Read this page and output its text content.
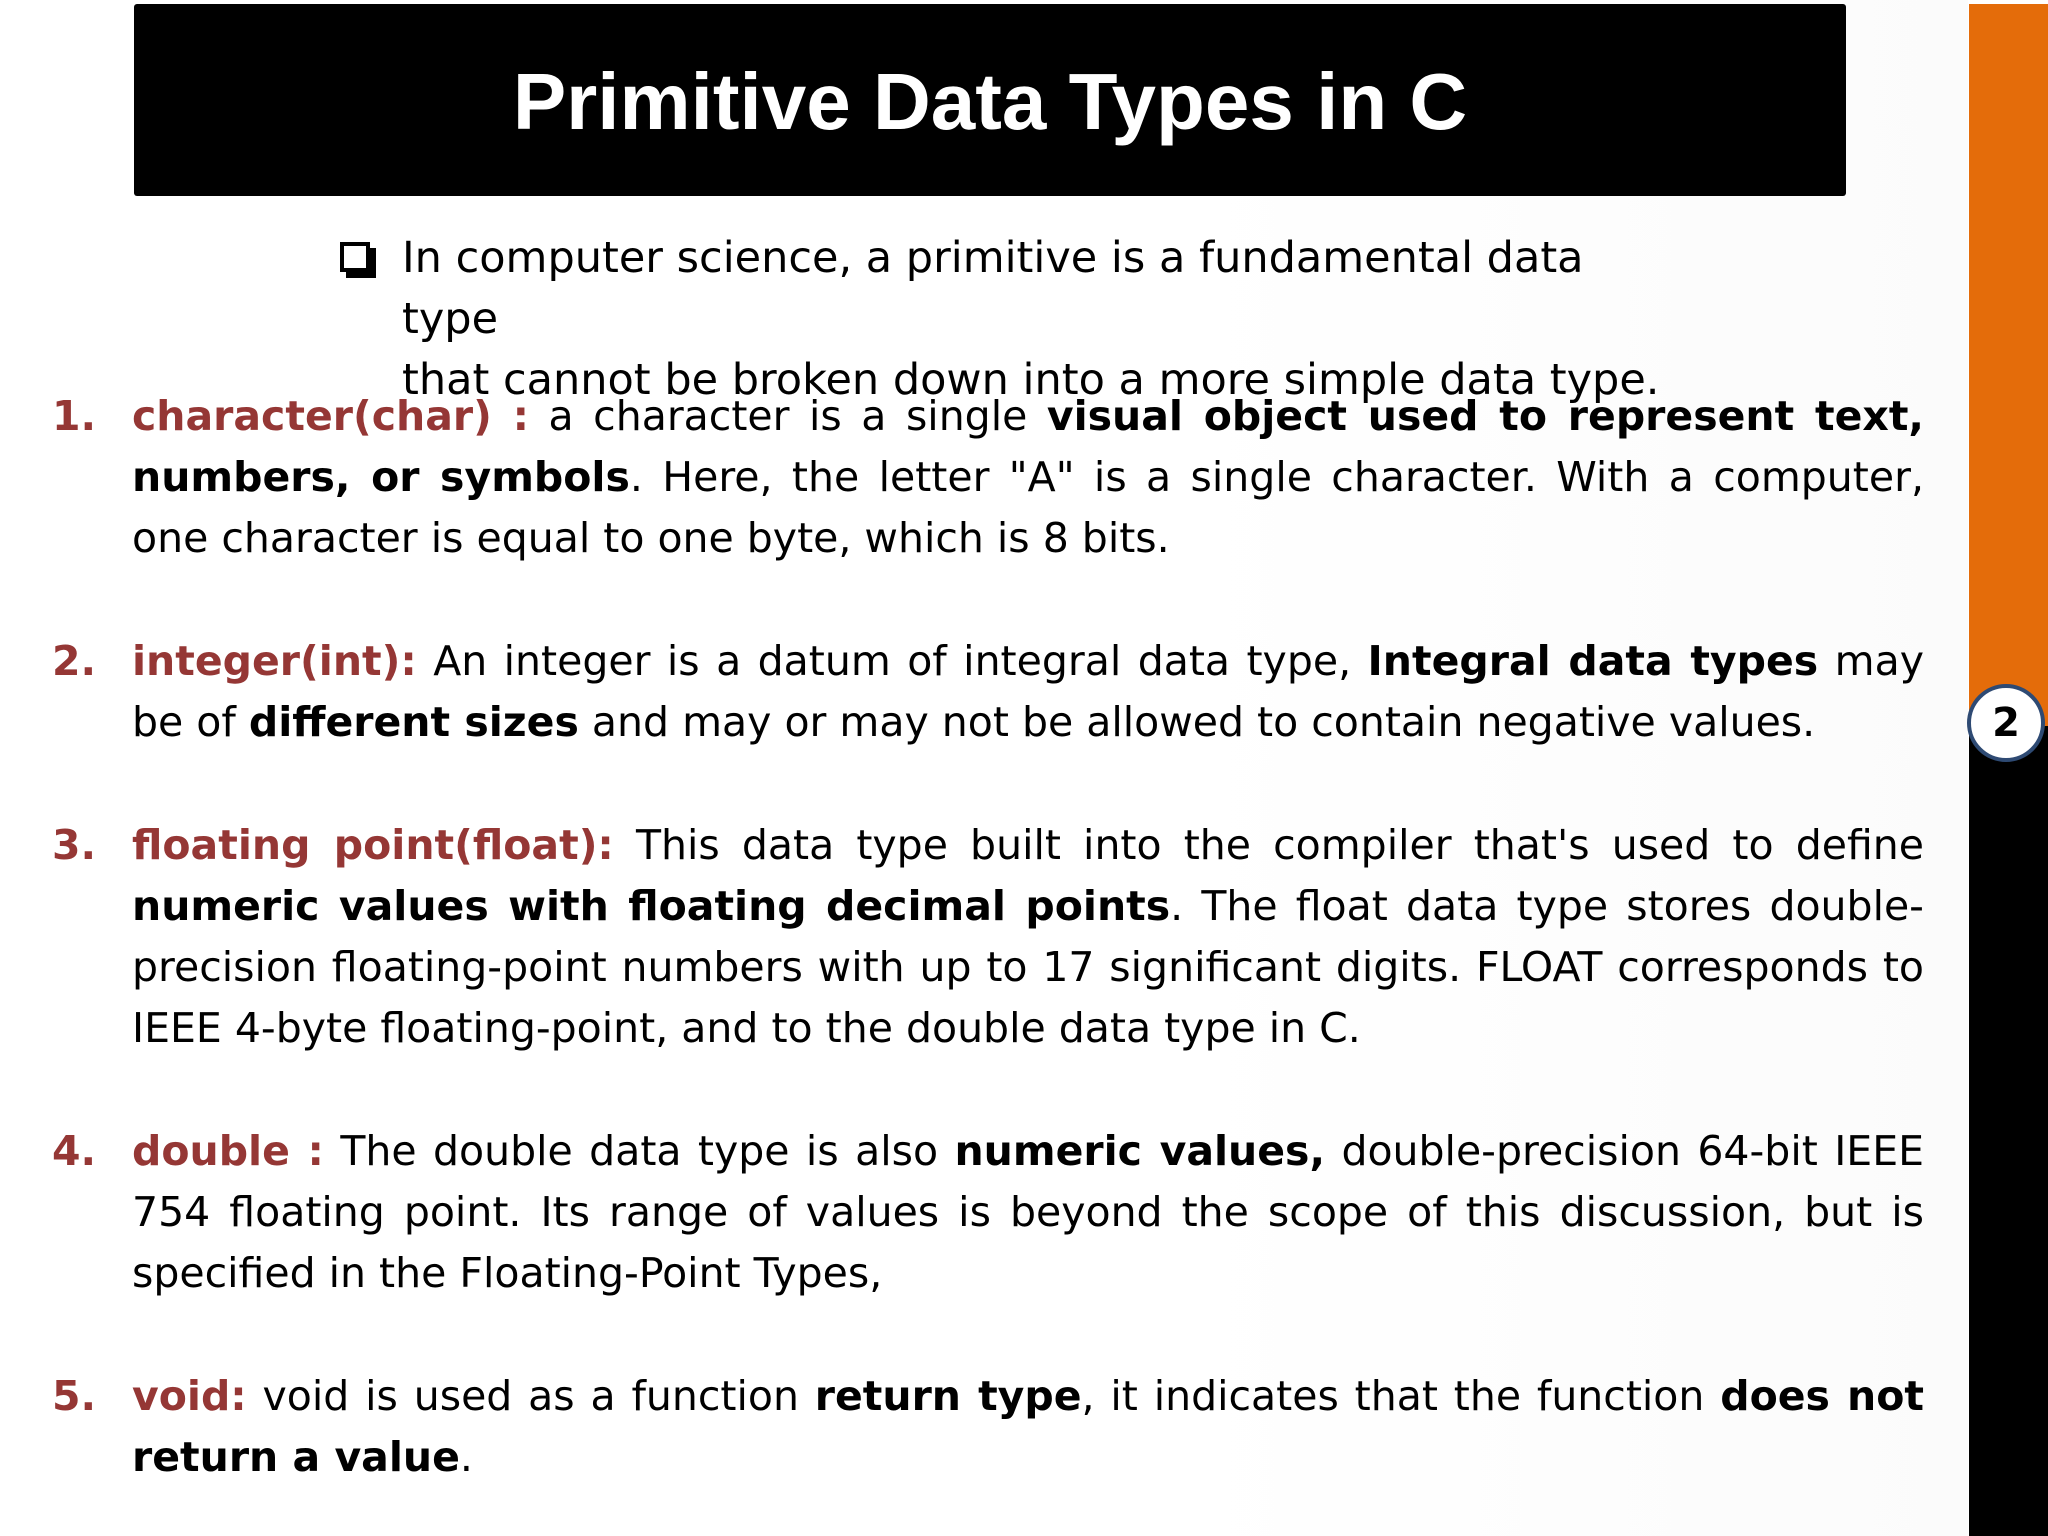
Primitive Data Types in C
2

In computer science, a primitive is a fundamental data type
that cannot be broken down into a more simple data type.

1. character(char) : a character is a single visual object used to represent text, numbers, or symbols. Here, the letter "A" is a single character. With a computer, one character is equal to one byte, which is 8 bits.

2. integer(int): An integer is a datum of integral data type, Integral data types may be of different sizes and may or may not be allowed to contain negative values.

3. floating point(float): This data type built into the compiler that's used to define numeric values with floating decimal points. The float data type stores double-precision floating-point numbers with up to 17 significant digits. FLOAT corresponds to IEEE 4-byte floating-point, and to the double data type in C.

4. double : The double data type is also numeric values, double-precision 64-bit IEEE 754 floating point. Its range of values is beyond the scope of this discussion, but is specified in the Floating-Point Types,

5. void: void is used as a function return type, it indicates that the function does not return a value.
